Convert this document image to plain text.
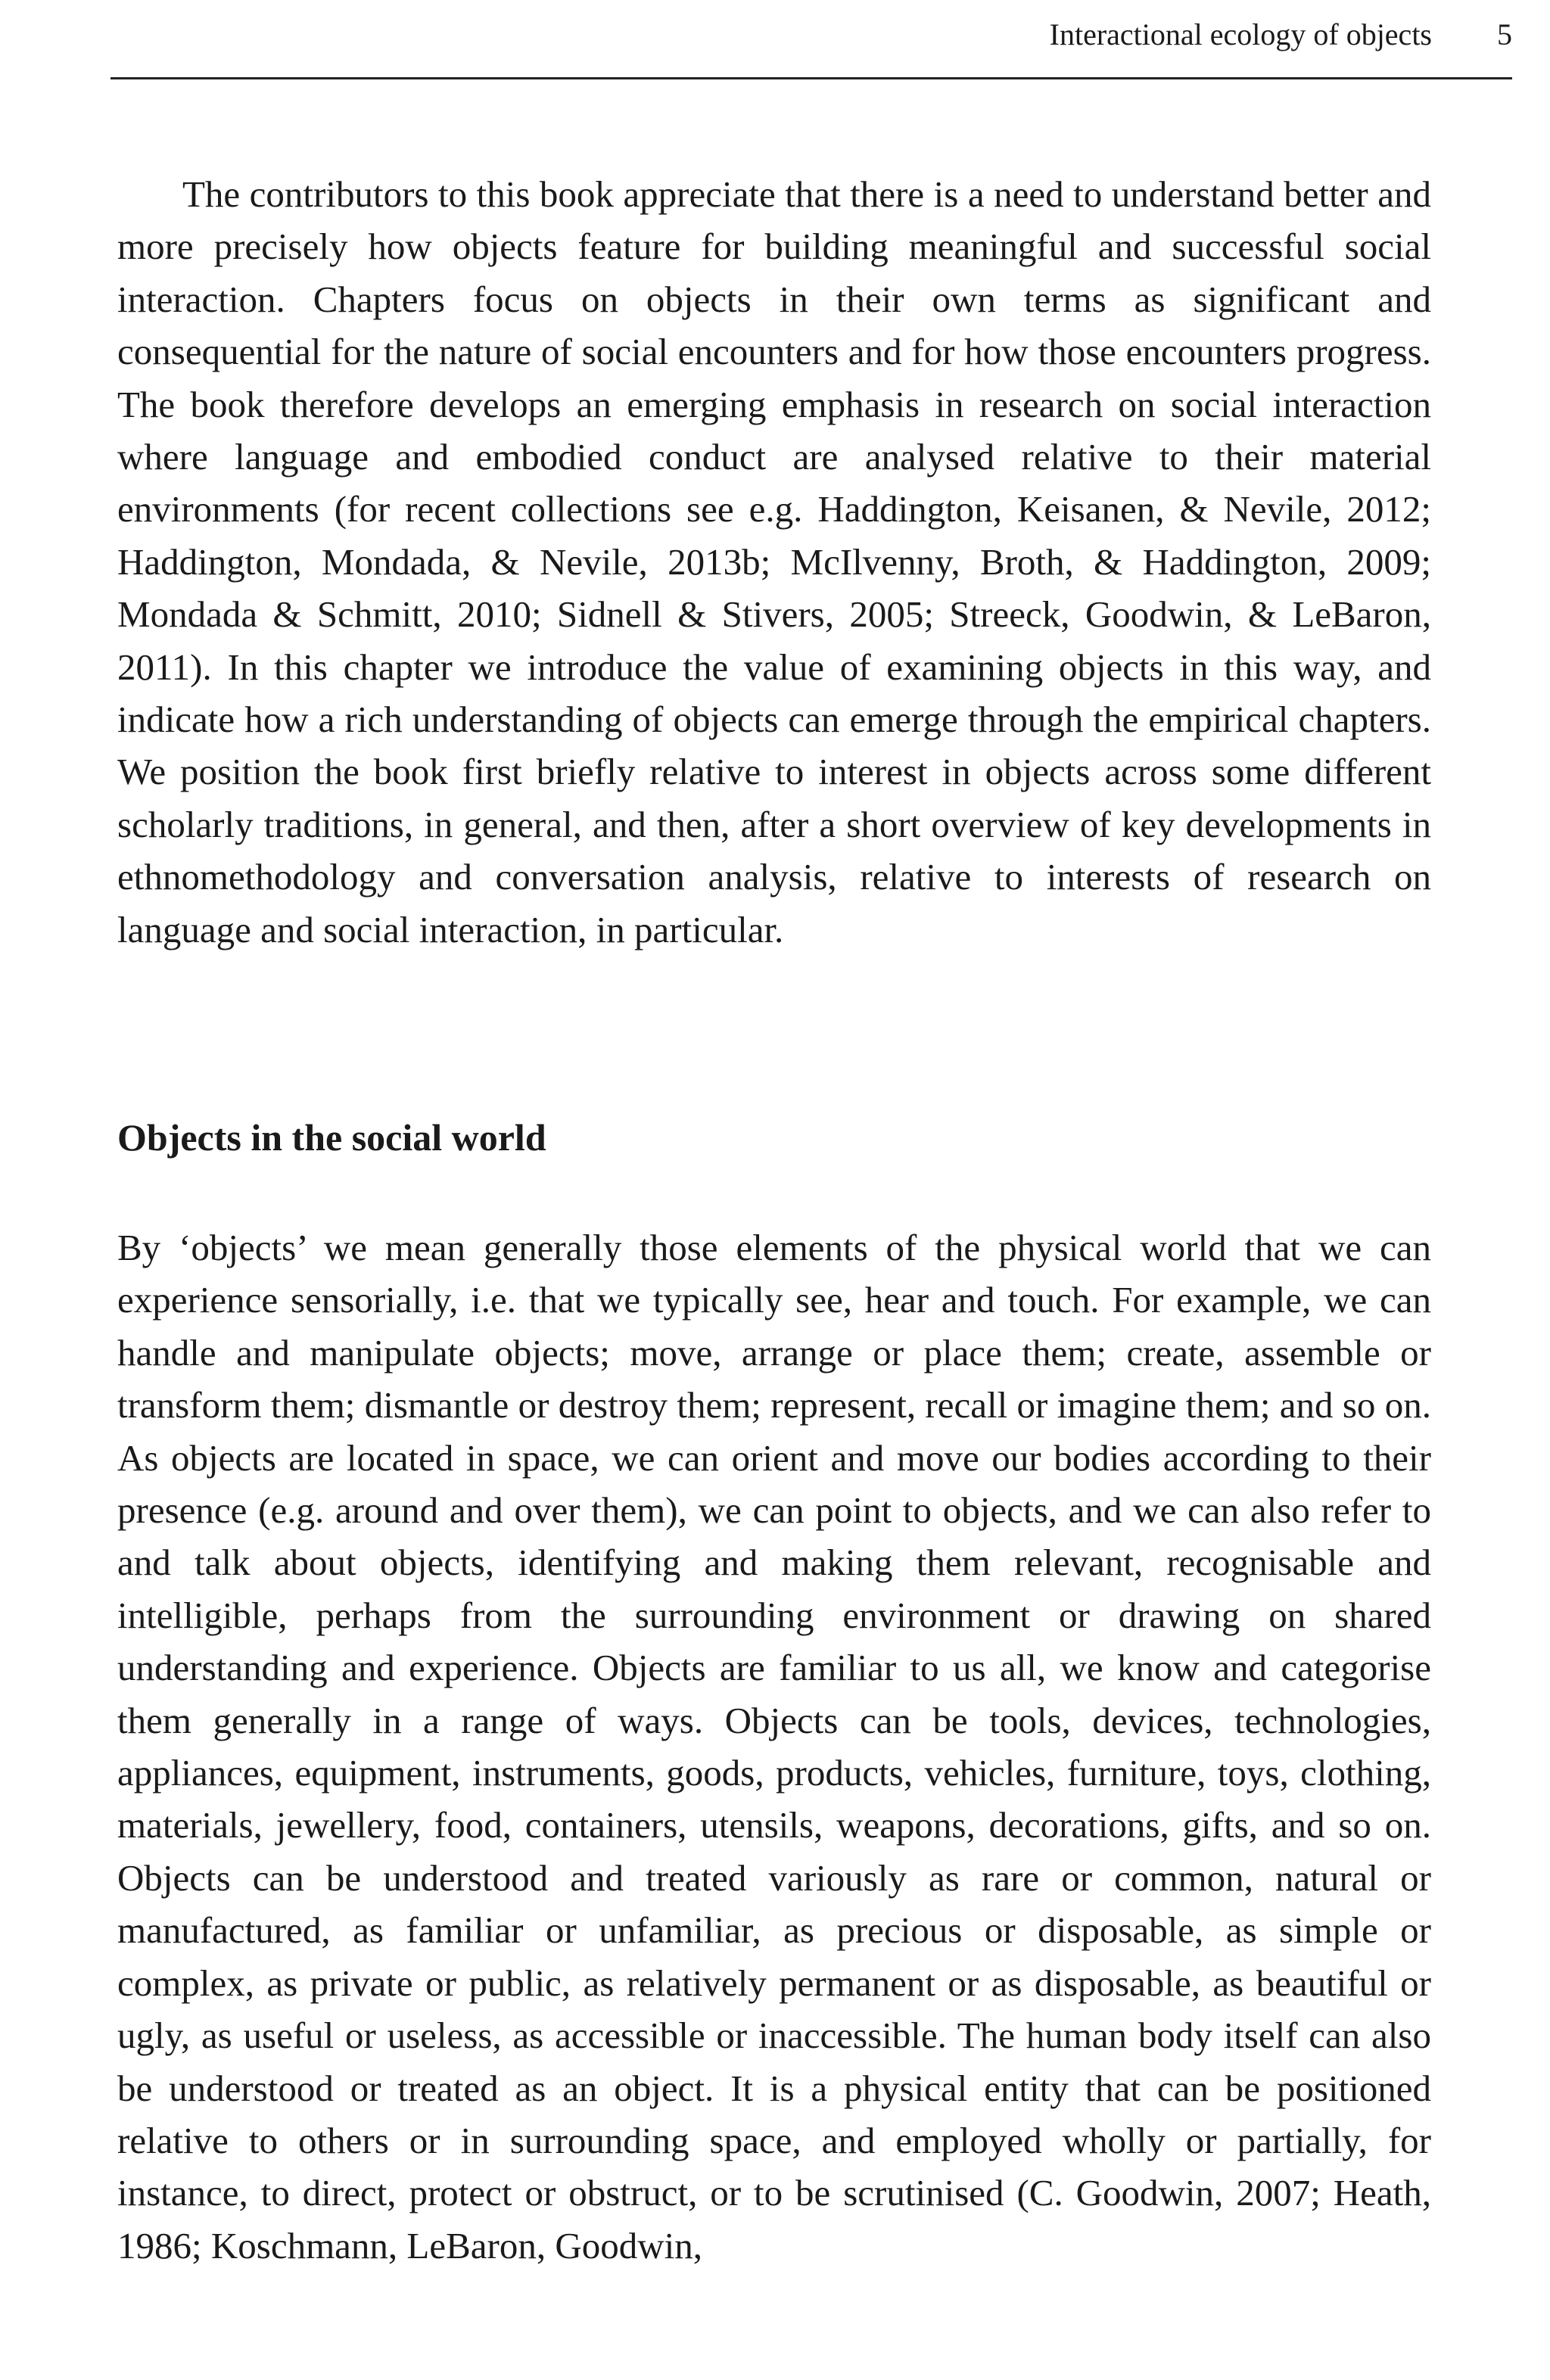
Interactional ecology of objects 5

The contributors to this book appreciate that there is a need to understand better and more precisely how objects feature for building meaningful and successful social interaction. Chapters focus on objects in their own terms as significant and consequential for the nature of social encounters and for how those encounters progress. The book therefore develops an emerging emphasis in research on social interaction where language and embodied conduct are analysed relative to their material environments (for recent collections see e.g. Haddington, Keisanen, & Nevile, 2012; Haddington, Mondada, & Nevile, 2013b; McIlvenny, Broth, & Haddington, 2009; Mondada & Schmitt, 2010; Sidnell & Stivers, 2005; Streeck, Goodwin, & LeBaron, 2011). In this chapter we introduce the value of examining objects in this way, and indicate how a rich understanding of objects can emerge through the empirical chapters. We position the book first briefly relative to interest in objects across some different scholarly traditions, in general, and then, after a short overview of key developments in ethnomethodology and conversation analysis, relative to interests of research on language and social interaction, in particular.

Objects in the social world

By ‘objects’ we mean generally those elements of the physical world that we can experience sensorially, i.e. that we typically see, hear and touch. For example, we can handle and manipulate objects; move, arrange or place them; create, assemble or transform them; dismantle or destroy them; represent, recall or imagine them; and so on. As objects are located in space, we can orient and move our bodies according to their presence (e.g. around and over them), we can point to objects, and we can also refer to and talk about objects, identifying and making them relevant, recognisable and intelligible, perhaps from the surrounding environment or drawing on shared understanding and experience. Objects are familiar to us all, we know and categorise them generally in a range of ways. Objects can be tools, devices, technologies, appliances, equipment, instruments, goods, products, vehicles, furniture, toys, clothing, materials, jewellery, food, containers, utensils, weapons, decorations, gifts, and so on. Objects can be understood and treated variously as rare or common, natural or manufactured, as familiar or unfamiliar, as precious or disposable, as simple or complex, as private or public, as relatively permanent or as disposable, as beautiful or ugly, as useful or useless, as accessible or inaccessible. The human body itself can also be understood or treated as an object. It is a physical entity that can be positioned relative to others or in surrounding space, and employed wholly or partially, for instance, to direct, protect or obstruct, or to be scrutinised (C. Goodwin, 2007; Heath, 1986; Koschmann, LeBaron, Goodwin,
